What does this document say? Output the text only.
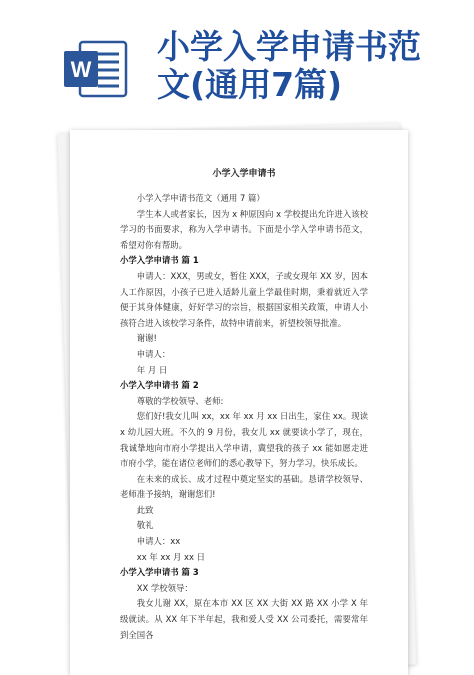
W
小学入学申请书范
文(通用7篇)
小学入学申请书

小学入学申请书范文（通用 7 篇）

学生本人或者家长，因为 x 种原因向 x 学校提出允许进入该校学习的书面要求，称为入学申请书。下面是小学入学申请书范文，希望对你有帮助。

小学入学申请书 篇 1

申请人：XXX，男或女，暂住 XXX，子或女现年 XX 岁，因本人工作原因，小孩子已进入适龄儿童上学最佳时期，秉着就近入学便于其身体健康，好好学习的宗旨，根据国家相关政策，申请人小孩符合进入该校学习条件，故特申请前来，祈望校领导批准。

谢谢!

申请人：

年 月 日

小学入学申请书 篇 2

尊敬的学校领导、老师:

您们好!我女儿叫 xx，xx 年 xx 月 xx 日出生，家住 xx。现读 x 幼儿园大班。不久的 9 月份，我女儿 xx 就要读小学了，现在，我诚挚地向市府小学提出入学申请，冀望我的孩子 xx 能如愿走进市府小学，能在诸位老师们的悉心教导下，努力学习，快乐成长。

在未来的成长、成才过程中奠定坚实的基础。恳请学校领导、老师准予接纳，谢谢您们!

此致

敬礼

申请人：xx

xx 年 xx 月 xx 日

小学入学申请书 篇 3

XX 学校领导：

我女儿谢 XX，原在本市 XX 区 XX 大街 XX 路 XX 小学 X 年级就读。从 XX 年下半年起，我和爱人受 XX 公司委托，需要常年到全国各
